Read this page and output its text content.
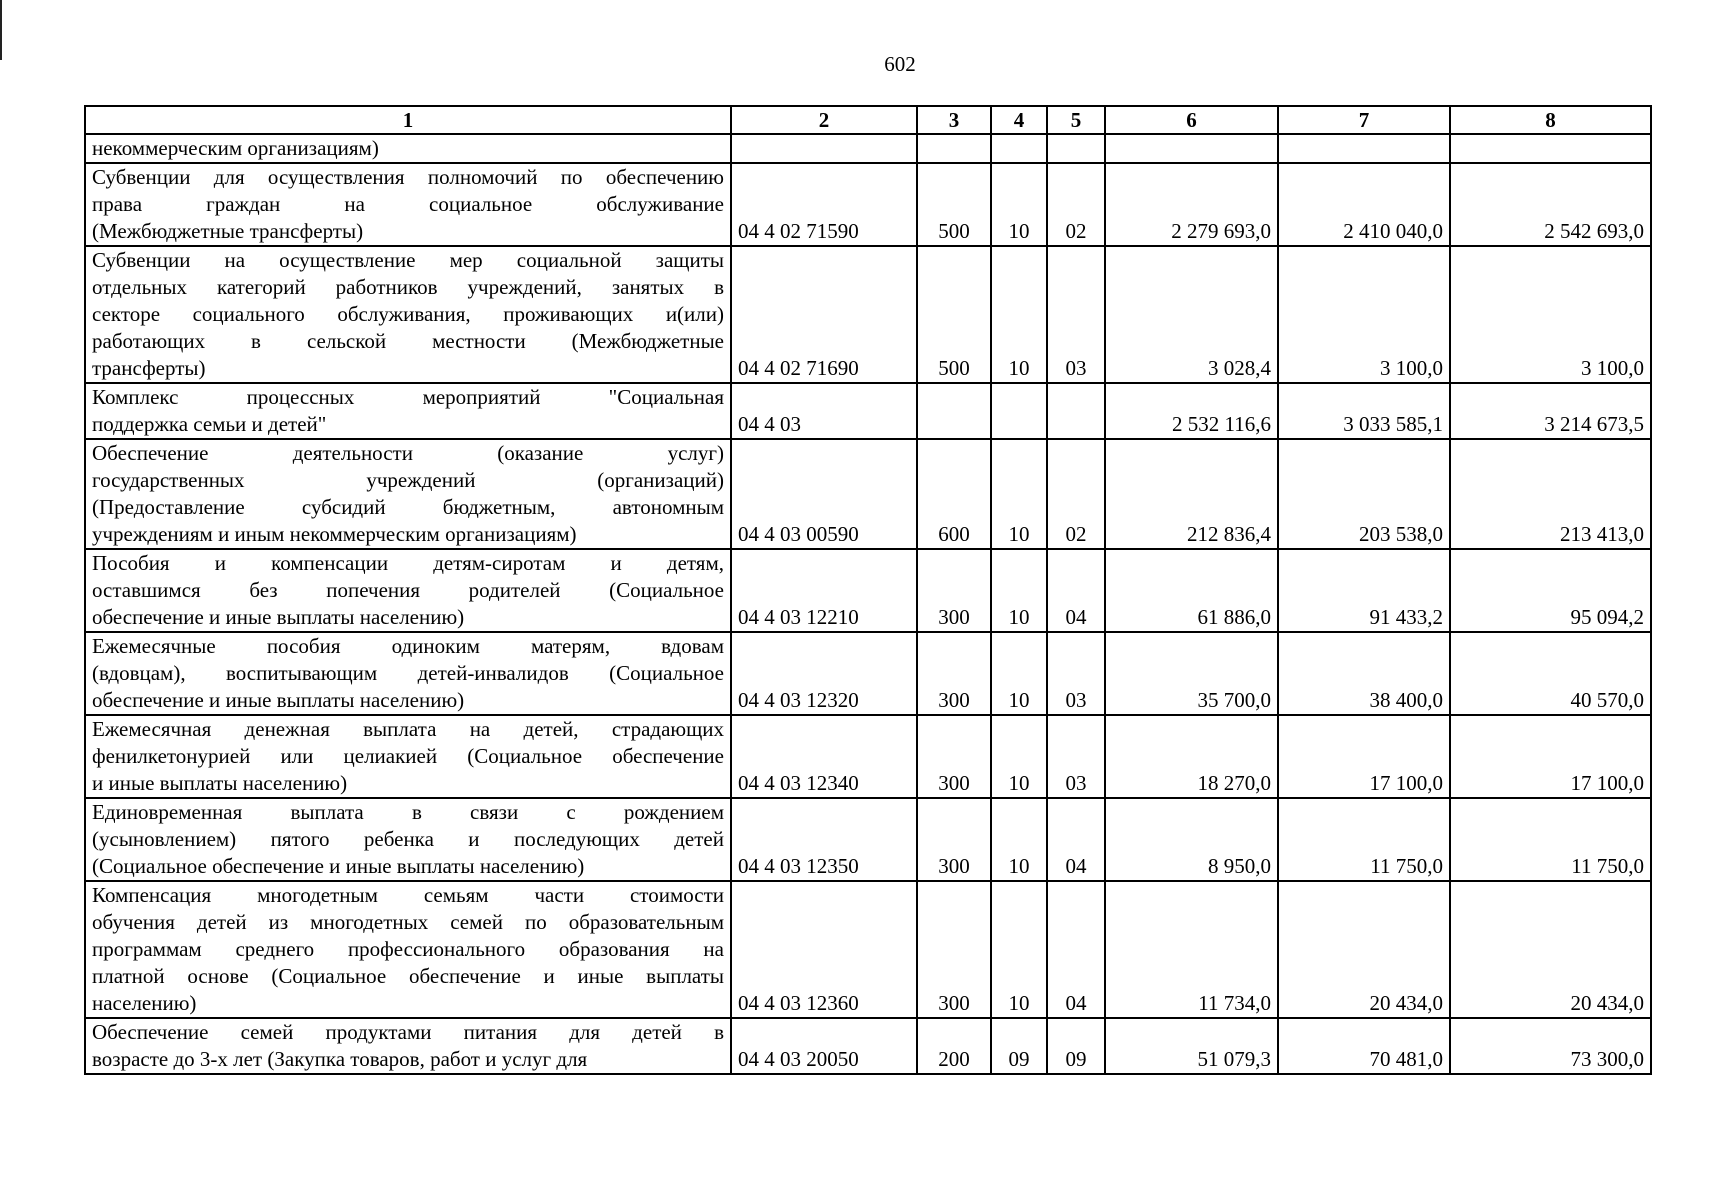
602
1	2	3	4	5	6	7	8

некоммерческим организациям)							

Субвенции для осуществления полномочий по обеспечению
права граждан на социальное обслуживание
(Межбюджетные трансферты)	04 4 02 71590	500	10	02	2 279 693,0	2 410 040,0	2 542 693,0

Субвенции на осуществление мер социальной защиты
отдельных категорий работников учреждений, занятых в
секторе социального обслуживания, проживающих и(или)
работающих в сельской местности (Межбюджетные
трансферты)	04 4 02 71690	500	10	03	3 028,4	3 100,0	3 100,0

Комплекс процессных мероприятий "Социальная
поддержка семьи и детей"	04 4 03				2 532 116,6	3 033 585,1	3 214 673,5

Обеспечение деятельности (оказание услуг)
государственных учреждений (организаций)
(Предоставление субсидий бюджетным, автономным
учреждениям и иным некоммерческим организациям)	04 4 03 00590	600	10	02	212 836,4	203 538,0	213 413,0

Пособия и компенсации детям-сиротам и детям,
оставшимся без попечения родителей (Социальное
обеспечение и иные выплаты населению)	04 4 03 12210	300	10	04	61 886,0	91 433,2	95 094,2

Ежемесячные пособия одиноким матерям, вдовам
(вдовцам), воспитывающим детей-инвалидов (Социальное
обеспечение и иные выплаты населению)	04 4 03 12320	300	10	03	35 700,0	38 400,0	40 570,0

Ежемесячная денежная выплата на детей, страдающих
фенилкетонурией или целиакией (Социальное обеспечение
и иные выплаты населению)	04 4 03 12340	300	10	03	18 270,0	17 100,0	17 100,0

Единовременная выплата в связи с рождением
(усыновлением) пятого ребенка и последующих детей
(Социальное обеспечение и иные выплаты населению)	04 4 03 12350	300	10	04	8 950,0	11 750,0	11 750,0

Компенсация многодетным семьям части стоимости
обучения детей из многодетных семей по образовательным
программам среднего профессионального образования на
платной основе (Социальное обеспечение и иные выплаты
населению)	04 4 03 12360	300	10	04	11 734,0	20 434,0	20 434,0

Обеспечение семей продуктами питания для детей в
возрасте до 3-х лет (Закупка товаров, работ и услуг для	04 4 03 20050	200	09	09	51 079,3	70 481,0	73 300,0
